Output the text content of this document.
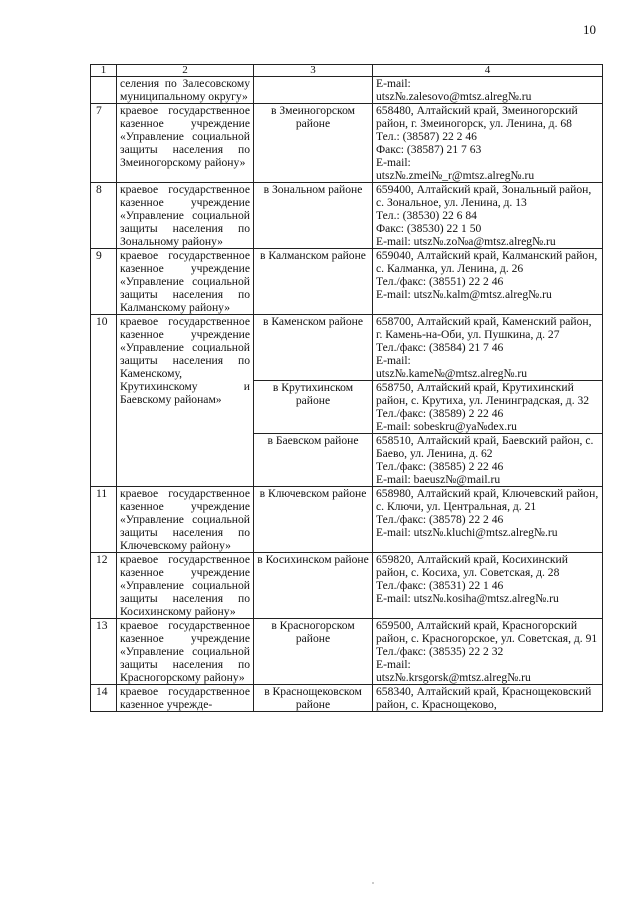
10
1	2	3	4
	селения по Залесовскому муниципальному округу»		E-mail:
utsz№.zalesovo@mtsz.alreg№.ru

7	краевое государственное казенное учреждение «Управление социальной защиты населения по Змеиногорскому району»	в Змеиногорском районе	658480, Алтайский край, Змеиногорский район, г. Змеиногорск, ул. Ленина, д. 68
Тел.: (38587) 22 2 46
Факс: (38587) 21 7 63
E-mail:
utsz№.zmei№_r@mtsz.alreg№.ru

8	краевое государственное казенное учреждение «Управление социальной защиты населения по Зональному району»	в Зональном районе	659400, Алтайский край, Зональный район, с. Зональное, ул. Ленина, д. 13
Тел.: (38530) 22 6 84
Факс: (38530) 22 1 50
E-mail: utsz№.zo№a@mtsz.alreg№.ru

9	краевое государственное казенное учреждение «Управление социальной защиты населения по Калманскому району»	в Калманском районе	659040, Алтайский край, Калманский район, с. Калманка, ул. Ленина, д. 26
Тел./факс: (38551) 22 2 46
E-mail: utsz№.kalm@mtsz.alreg№.ru

10	краевое государственное казенное учреждение «Управление социальной защиты населения по Каменскому, Крутихинскому и Баевскому районам»	в Каменском районе	658700, Алтайский край, Каменский район, г. Камень-на-Оби, ул. Пушкина, д. 27
Тел./факс: (38584) 21 7 46
E-mail:
utsz№.kame№@mtsz.alreg№.ru

		в Крутихинском районе	658750, Алтайский край, Крутихинский район, с. Крутиха, ул. Ленинградская, д. 32
Тел./факс: (38589) 2 22 46
E-mail: sobeskru@ya№dex.ru

		в Баевском районе	658510, Алтайский край, Баевский район, с. Баево, ул. Ленина, д. 62
Тел./факс: (38585) 2 22 46
E-mail: baeusz№@mail.ru

11	краевое государственное казенное учреждение «Управление социальной защиты населения по Ключевскому району»	в Ключевском районе	658980, Алтайский край, Ключевский район, с. Ключи, ул. Центральная, д. 21
Тел./факс: (38578) 22 2 46
E-mail: utsz№.kluchi@mtsz.alreg№.ru

12	краевое государственное казенное учреждение «Управление социальной защиты населения по Косихинскому району»	в Косихинском районе	659820, Алтайский край, Косихинский район, с. Косиха, ул. Советская, д. 28
Тел./факс: (38531) 22 1 46
E-mail: utsz№.kosiha@mtsz.alreg№.ru

13	краевое государственное казенное учреждение «Управление социальной защиты населения по Красногорскому району»	в Красногорском районе	659500, Алтайский край, Красногорский район, с. Красногорское, ул. Советская, д. 91
Тел./факс: (38535) 22 2 32
E-mail:
utsz№.krsgorsk@mtsz.alreg№.ru

14	краевое государственное казенное учрежде-	в Краснощековском районе	658340, Алтайский край, Краснощековский район, с. Краснощеково,
